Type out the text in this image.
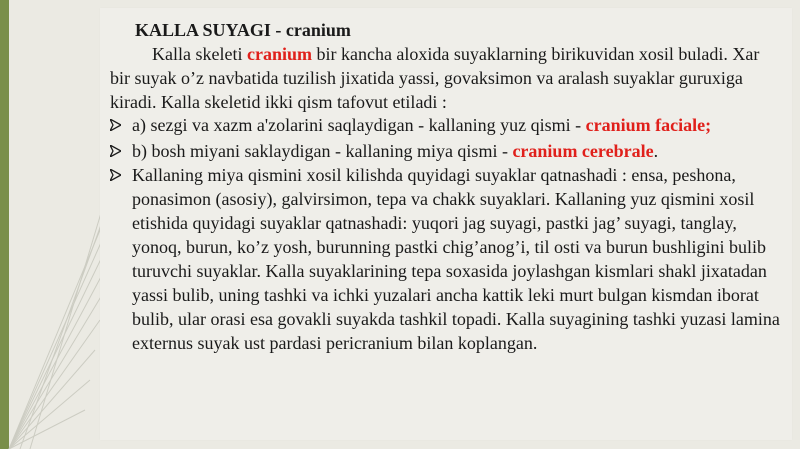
KALLA SUYAGI - cranium

Kalla skeleti cranium bir kancha aloxida suyaklarning birikuvidan xosil buladi. Xar bir suyak o’z navbatida tuzilish jixatida yassi, govaksimon va aralash suyaklar guruxiga kiradi. Kalla skeletid ikki qism tafovut etiladi :

a) sezgi va xazm a'zolarini saqlaydigan - kallaning yuz qismi - cranium faciale;
b) bosh miyani saklaydigan - kallaning miya qismi - cranium cerebrale.
Kallaning miya qismini xosil kilishda quyidagi suyaklar qatnashadi : ensa, peshona, ponasimon (asosiy), galvirsimon, tepa va chakk suyaklari. Kallaning yuz qismini xosil etishida quyidagi suyaklar qatnashadi: yuqori jag suyagi, pastki jag’ suyagi, tanglay, yonoq, burun, ko’z yosh, burunning pastki chig’anog’i, til osti va burun bushligini bulib turuvchi suyaklar. Kalla suyaklarining tepa soxasida joylashgan kismlari shakl jixatadan yassi bulib, uning tashki va ichki yuzalari ancha kattik leki murt bulgan kismdan iborat bulib, ular orasi esa govakli suyakda tashkil topadi. Kalla suyagining tashki yuzasi lamina externus suyak ust pardasi pericranium bilan koplangan.
